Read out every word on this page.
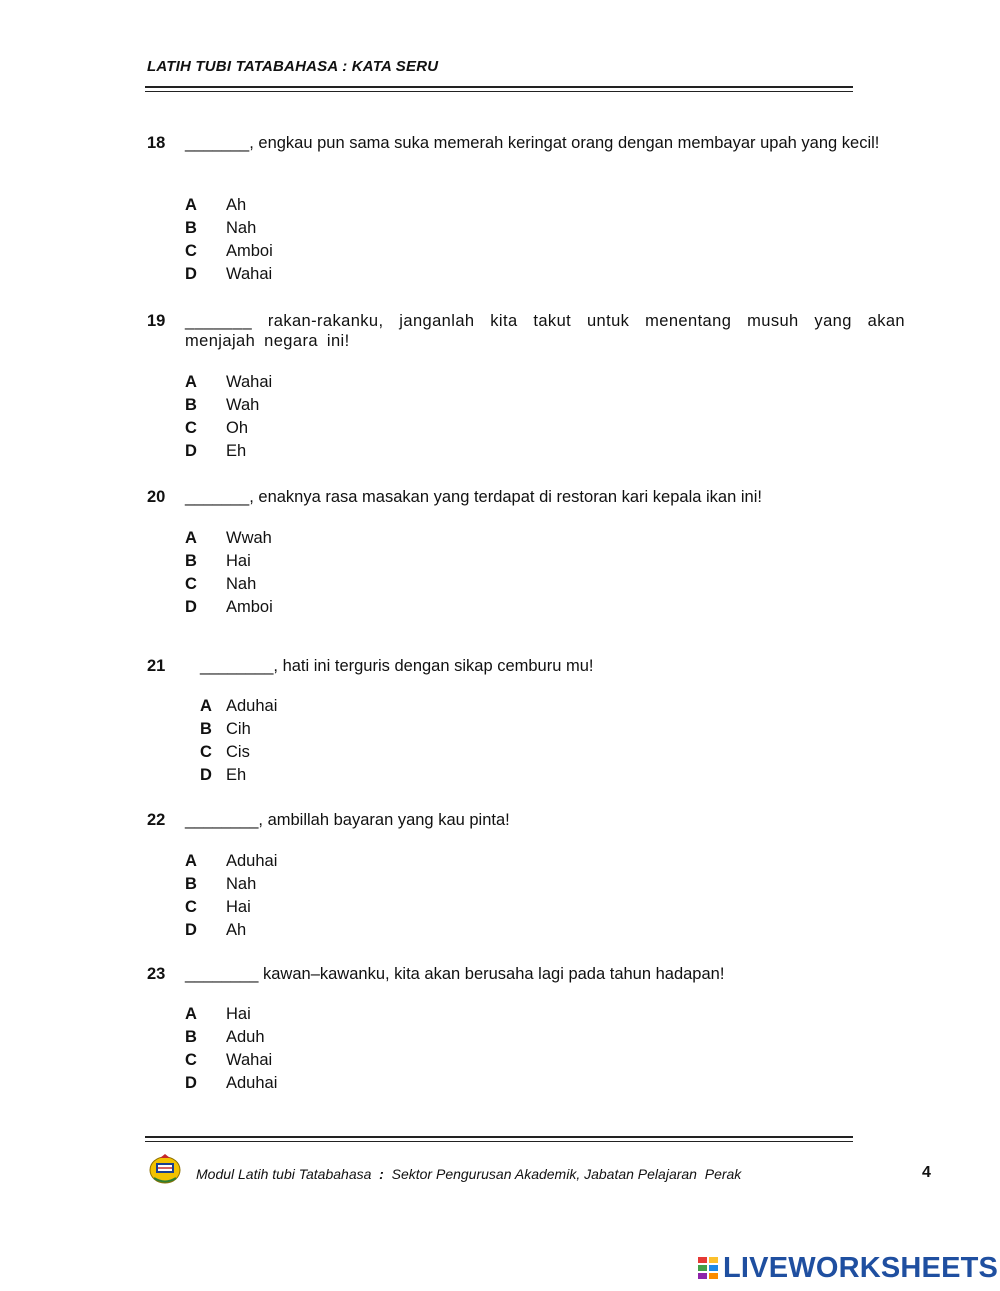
LATIH TUBI TATABAHASA : KATA SERU
18	_______, engkau pun sama suka memerah keringat orang dengan membayar upah yang kecil!
A Ah
B Nah
C Amboi
D Wahai
19	_______ rakan-rakanku, janganlah kita takut untuk menentang musuh yang akan menjajah negara ini!
A Wahai
B Wah
C Oh
D Eh
20	_______, enaknya rasa masakan yang terdapat di restoran kari kepala ikan ini!
A Wwah
B Hai
C Nah
D Amboi
21	________, hati ini terguris dengan sikap cemburu mu!
A Aduhai
B Cih
C Cis
D Eh
22	________, ambillah bayaran yang kau pinta!
A Aduhai
B Nah
C Hai
D Ah
23	________ kawan–kawanku, kita akan berusaha lagi pada tahun hadapan!
A Hai
B Aduh
C Wahai
D Aduhai
Modul Latih tubi Tatabahasa : Sektor Pengurusan Akademik, Jabatan Pelajaran  Perak	4
LIVEWORKSHEETS
